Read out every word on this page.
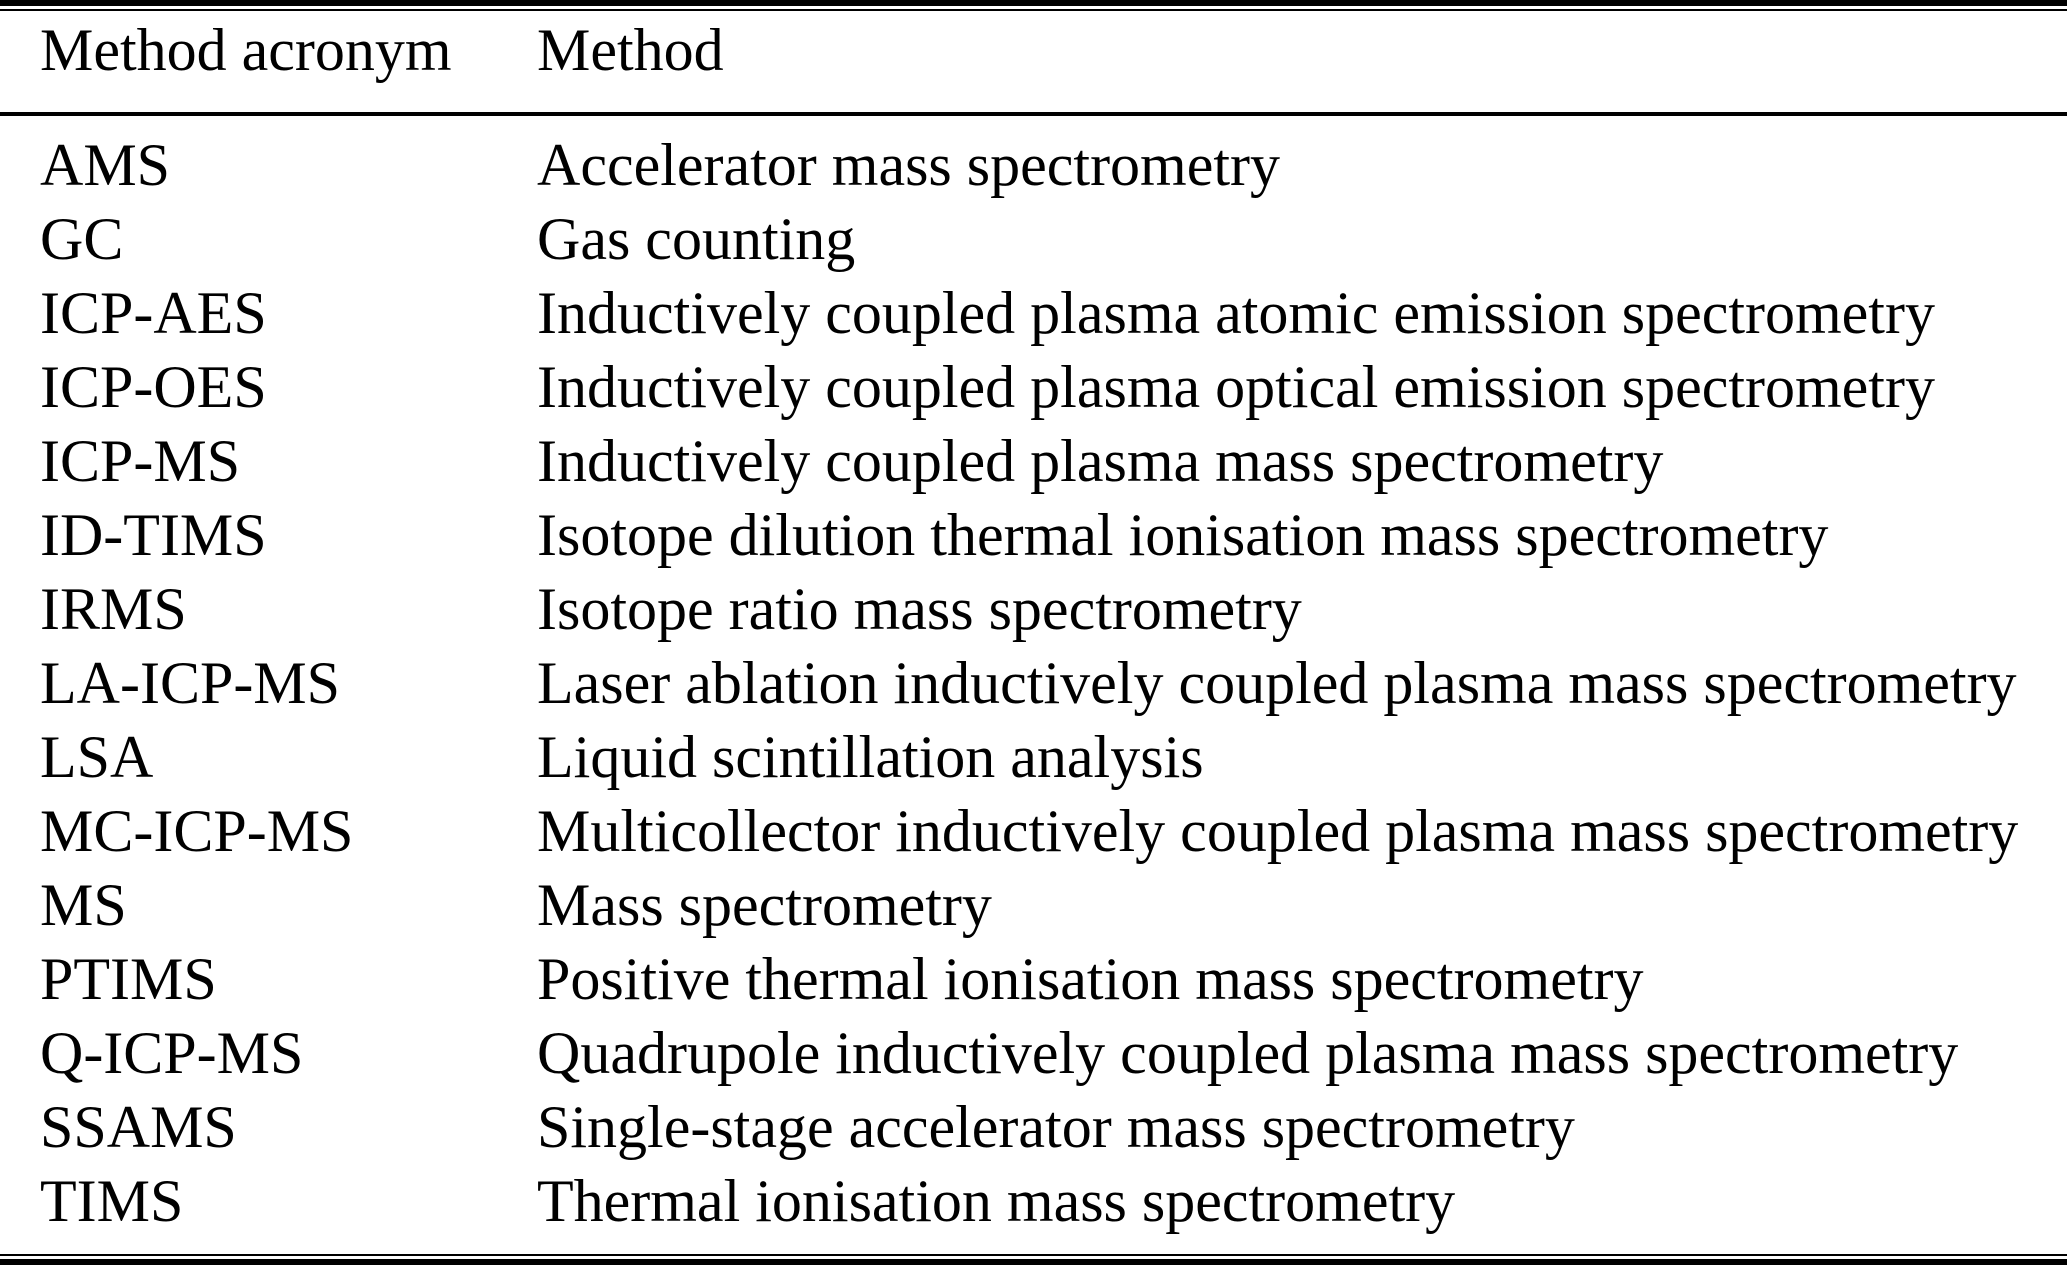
Method acronym	Method
AMS	Accelerator mass spectrometry
GC	Gas counting
ICP-AES	Inductively coupled plasma atomic emission spectrometry
ICP-OES	Inductively coupled plasma optical emission spectrometry
ICP-MS	Inductively coupled plasma mass spectrometry
ID-TIMS	Isotope dilution thermal ionisation mass spectrometry
IRMS	Isotope ratio mass spectrometry
LA-ICP-MS	Laser ablation inductively coupled plasma mass spectrometry
LSA	Liquid scintillation analysis
MC-ICP-MS	Multicollector inductively coupled plasma mass spectrometry
MS	Mass spectrometry
PTIMS	Positive thermal ionisation mass spectrometry
Q-ICP-MS	Quadrupole inductively coupled plasma mass spectrometry
SSAMS	Single-stage accelerator mass spectrometry
TIMS	Thermal ionisation mass spectrometry
